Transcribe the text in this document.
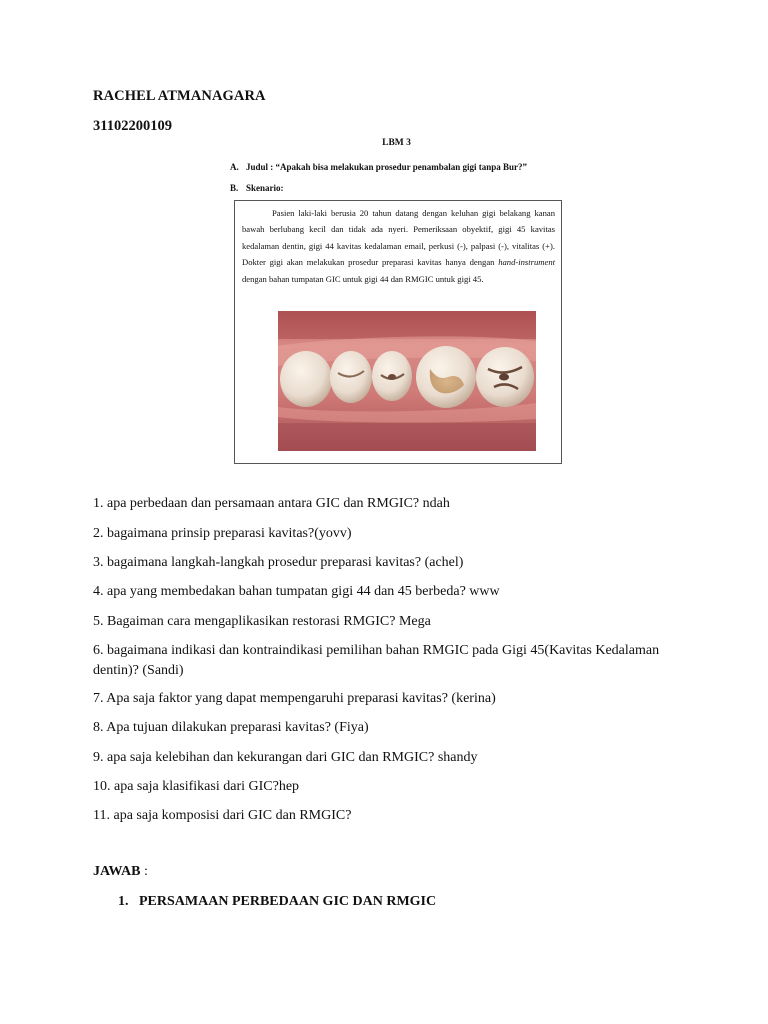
RACHEL ATMANAGARA
31102200109
LBM 3
A. Judul : “Apakah bisa melakukan prosedur penambalan gigi tanpa Bur?”
B. Skenario:
Pasien laki-laki berusia 20 tahun datang dengan keluhan gigi belakang kanan bawah berlubang kecil dan tidak ada nyeri. Pemeriksaan obyektif, gigi 45 kavitas kedalaman dentin, gigi 44 kavitas kedalaman email, perkusi (-), palpasi (-), vitalitas (+). Dokter gigi akan melakukan prosedur preparasi kavitas hanya dengan hand-instrument dengan bahan tumpatan GIC untuk gigi 44 dan RMGIC untuk gigi 45.
1. apa perbedaan dan persamaan antara GIC dan RMGIC? ndah
2. bagaimana prinsip preparasi kavitas?(yovv)
3. bagaimana langkah-langkah prosedur preparasi kavitas? (achel)
4. apa yang membedakan bahan tumpatan gigi 44 dan 45 berbeda? www
5. Bagaiman cara mengaplikasikan restorasi RMGIC? Mega
6. bagaimana indikasi dan kontraindikasi pemilihan bahan RMGIC pada Gigi 45(Kavitas Kedalaman dentin)? (Sandi)
7. Apa saja faktor yang dapat mempengaruhi preparasi kavitas? (kerina)
8. Apa tujuan dilakukan preparasi kavitas? (Fiya)
9. apa saja kelebihan dan kekurangan dari GIC dan RMGIC? shandy
10. apa saja klasifikasi dari GIC?hep
11. apa saja komposisi dari GIC dan RMGIC?
JAWAB :
1. PERSAMAAN PERBEDAAN GIC DAN RMGIC
